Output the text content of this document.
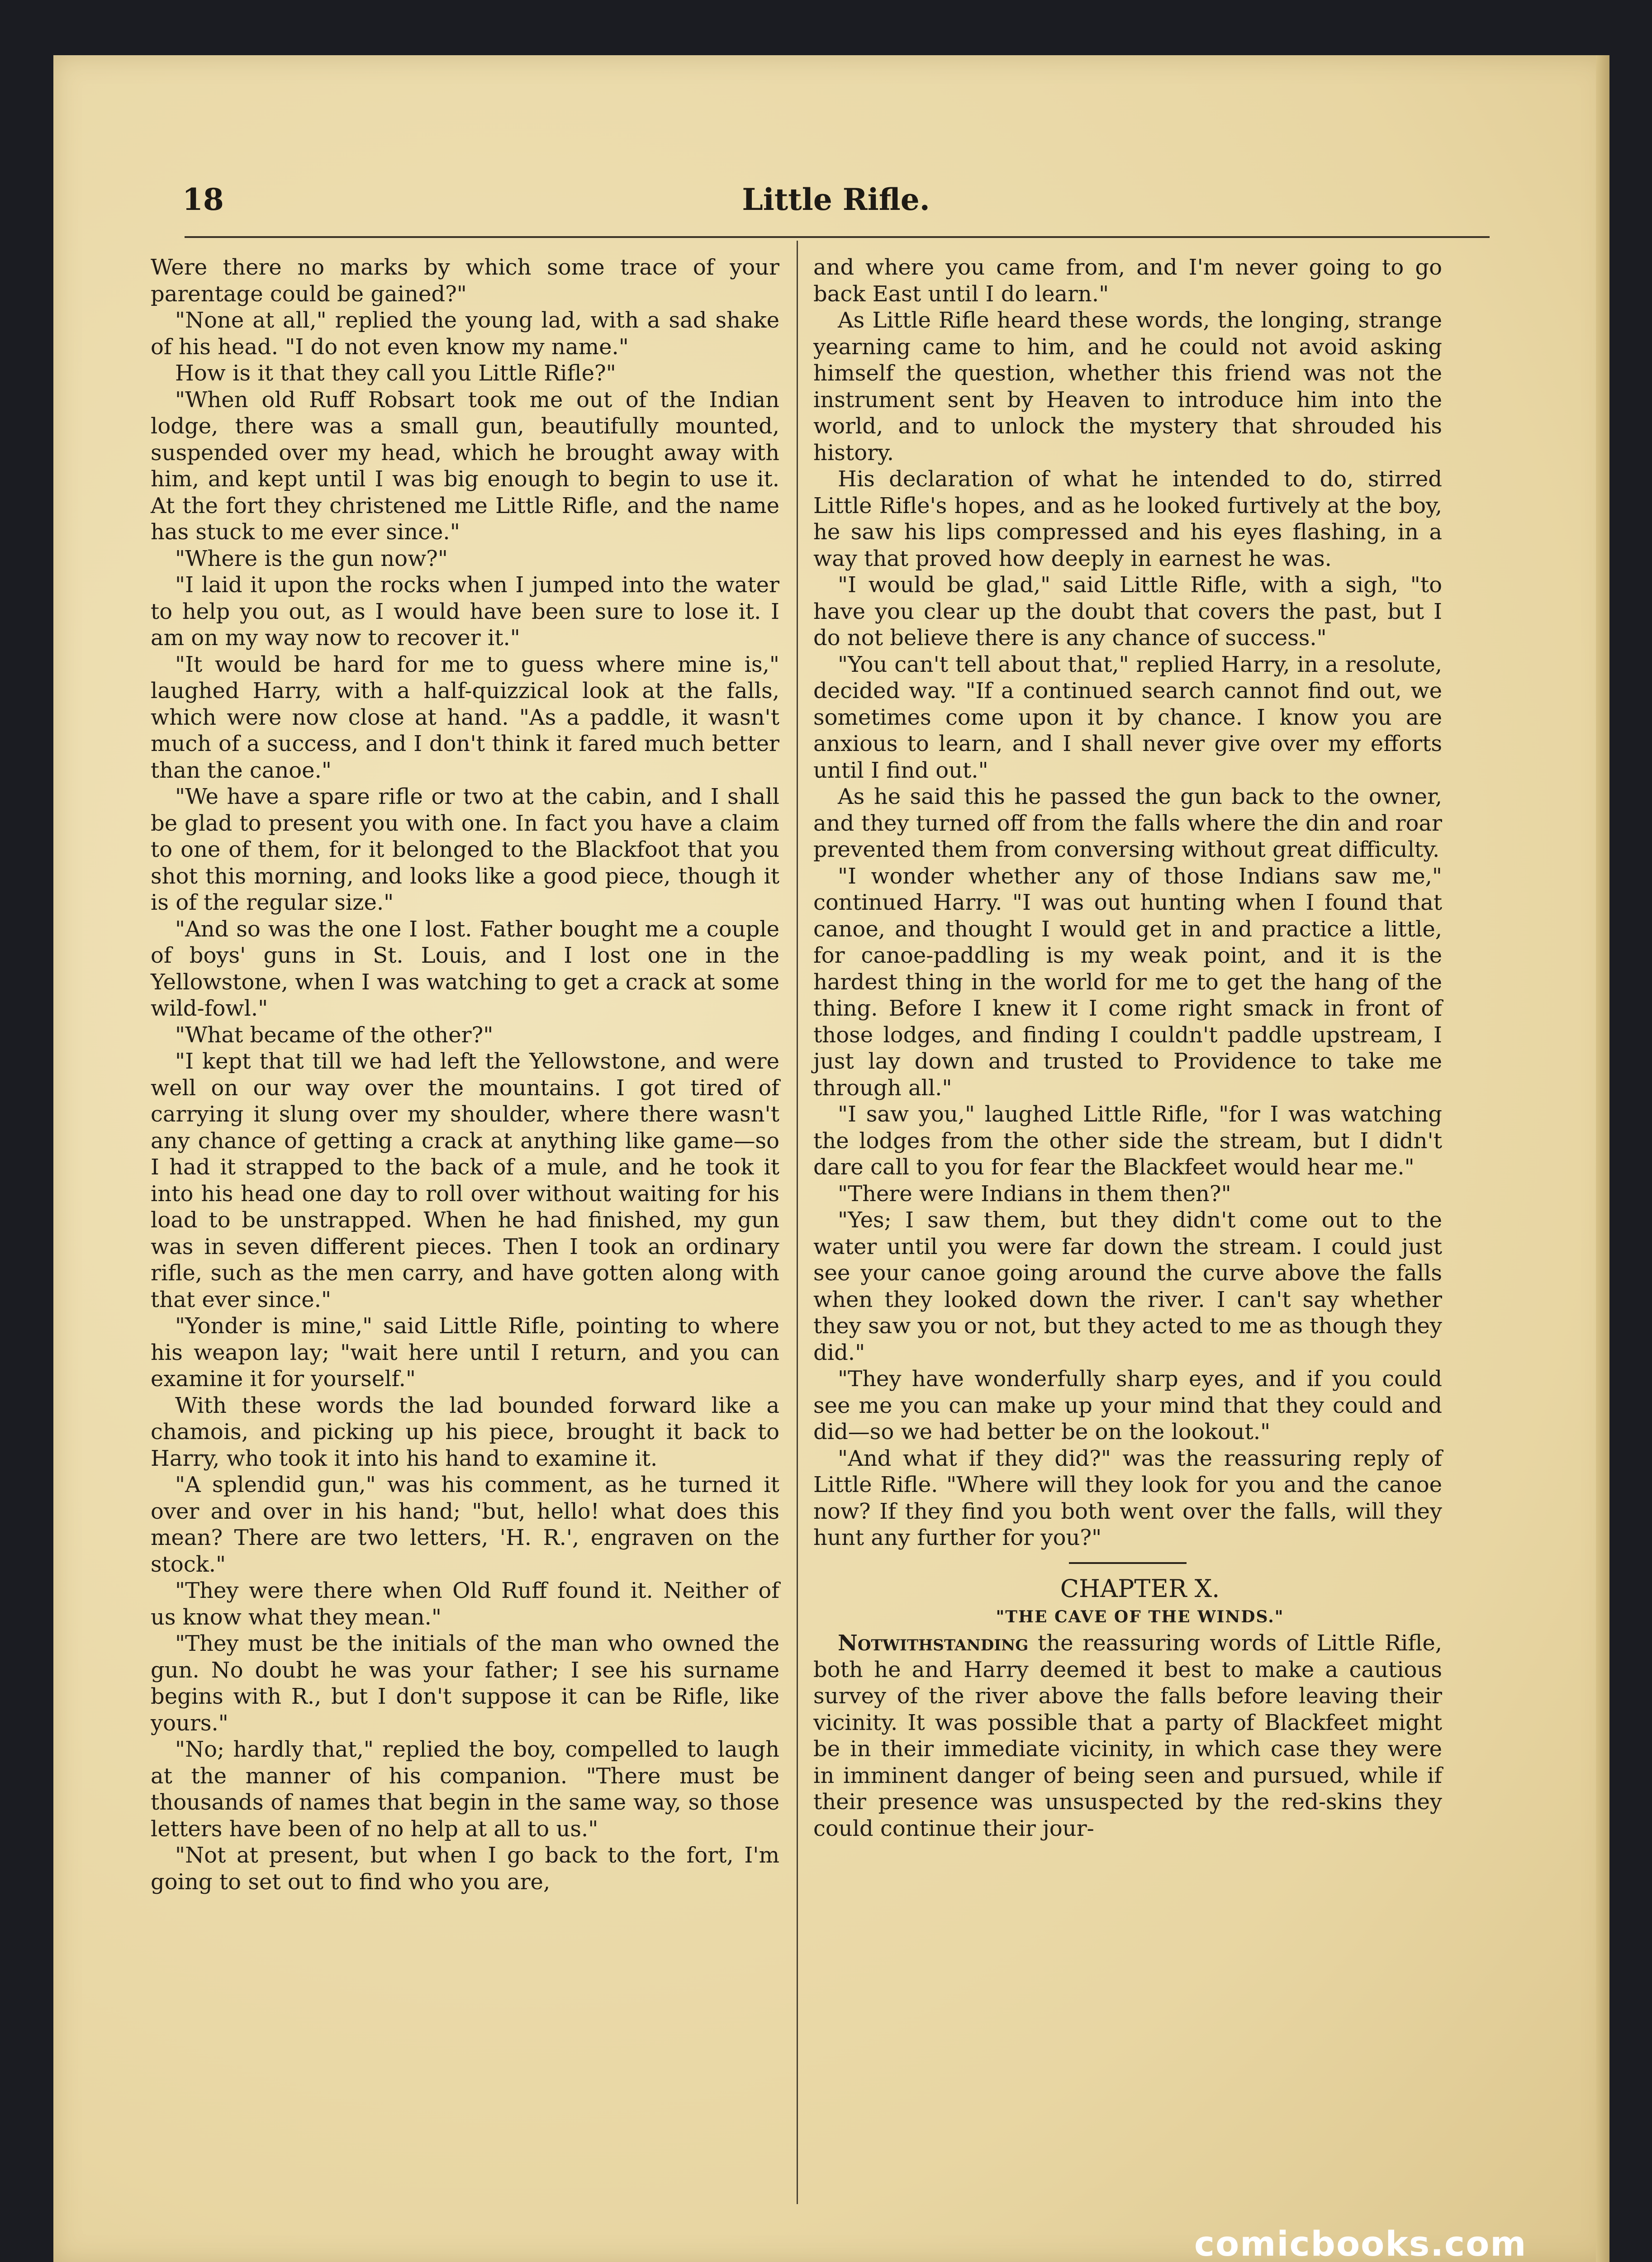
18	Little Rifle.

Were there no marks by which some trace of your parentage could be gained?"

"None at all," replied the young lad, with a sad shake of his head. "I do not even know my name."

How is it that they call you Little Rifle?"

"When old Ruff Robsart took me out of the Indian lodge, there was a small gun, beautifully mounted, suspended over my head, which he brought away with him, and kept until I was big enough to begin to use it. At the fort they christened me Little Rifle, and the name has stuck to me ever since."

"Where is the gun now?"

"I laid it upon the rocks when I jumped into the water to help you out, as I would have been sure to lose it. I am on my way now to recover it."

"It would be hard for me to guess where mine is," laughed Harry, with a half-quizzical look at the falls, which were now close at hand. "As a paddle, it wasn't much of a success, and I don't think it fared much better than the canoe."

"We have a spare rifle or two at the cabin, and I shall be glad to present you with one. In fact you have a claim to one of them, for it belonged to the Blackfoot that you shot this morning, and looks like a good piece, though it is of the regular size."

"And so was the one I lost. Father bought me a couple of boys' guns in St. Louis, and I lost one in the Yellowstone, when I was watching to get a crack at some wild-fowl."

"What became of the other?"

"I kept that till we had left the Yellowstone, and were well on our way over the mountains. I got tired of carrying it slung over my shoulder, where there wasn't any chance of getting a crack at anything like game—so I had it strapped to the back of a mule, and he took it into his head one day to roll over without waiting for his load to be unstrapped. When he had finished, my gun was in seven different pieces. Then I took an ordinary rifle, such as the men carry, and have gotten along with that ever since."

"Yonder is mine," said Little Rifle, pointing to where his weapon lay; "wait here until I return, and you can examine it for yourself."

With these words the lad bounded forward like a chamois, and picking up his piece, brought it back to Harry, who took it into his hand to examine it.

"A splendid gun," was his comment, as he turned it over and over in his hand; "but, hello! what does this mean? There are two letters, 'H. R.', engraven on the stock."

"They were there when Old Ruff found it. Neither of us know what they mean."

"They must be the initials of the man who owned the gun. No doubt he was your father; I see his surname begins with R., but I don't suppose it can be Rifle, like yours."

"No; hardly that," replied the boy, compelled to laugh at the manner of his companion. "There must be thousands of names that begin in the same way, so those letters have been of no help at all to us."

"Not at present, but when I go back to the fort, I'm going to set out to find who you are,

and where you came from, and I'm never going to go back East until I do learn."

As Little Rifle heard these words, the longing, strange yearning came to him, and he could not avoid asking himself the question, whether this friend was not the instrument sent by Heaven to introduce him into the world, and to unlock the mystery that shrouded his history.

His declaration of what he intended to do, stirred Little Rifle's hopes, and as he looked furtively at the boy, he saw his lips compressed and his eyes flashing, in a way that proved how deeply in earnest he was.

"I would be glad," said Little Rifle, with a sigh, "to have you clear up the doubt that covers the past, but I do not believe there is any chance of success."

"You can't tell about that," replied Harry, in a resolute, decided way. "If a continued search cannot find out, we sometimes come upon it by chance. I know you are anxious to learn, and I shall never give over my efforts until I find out."

As he said this he passed the gun back to the owner, and they turned off from the falls where the din and roar prevented them from conversing without great difficulty.

"I wonder whether any of those Indians saw me," continued Harry. "I was out hunting when I found that canoe, and thought I would get in and practice a little, for canoe-paddling is my weak point, and it is the hardest thing in the world for me to get the hang of the thing. Before I knew it I come right smack in front of those lodges, and finding I couldn't paddle upstream, I just lay down and trusted to Providence to take me through all."

"I saw you," laughed Little Rifle, "for I was watching the lodges from the other side the stream, but I didn't dare call to you for fear the Blackfeet would hear me."

"There were Indians in them then?"

"Yes; I saw them, but they didn't come out to the water until you were far down the stream. I could just see your canoe going around the curve above the falls when they looked down the river. I can't say whether they saw you or not, but they acted to me as though they did."

"They have wonderfully sharp eyes, and if you could see me you can make up your mind that they could and did—so we had better be on the lookout."

"And what if they did?" was the reassuring reply of Little Rifle. "Where will they look for you and the canoe now? If they find you both went over the falls, will they hunt any further for you?"

CHAPTER X.

"THE CAVE OF THE WINDS."

Notwithstanding the reassuring words of Little Rifle, both he and Harry deemed it best to make a cautious survey of the river above the falls before leaving their vicinity. It was possible that a party of Blackfeet might be in their immediate vicinity, in which case they were in imminent danger of being seen and pursued, while if their presence was unsuspected by the red-skins they could continue their jour-

comicbooks.com
